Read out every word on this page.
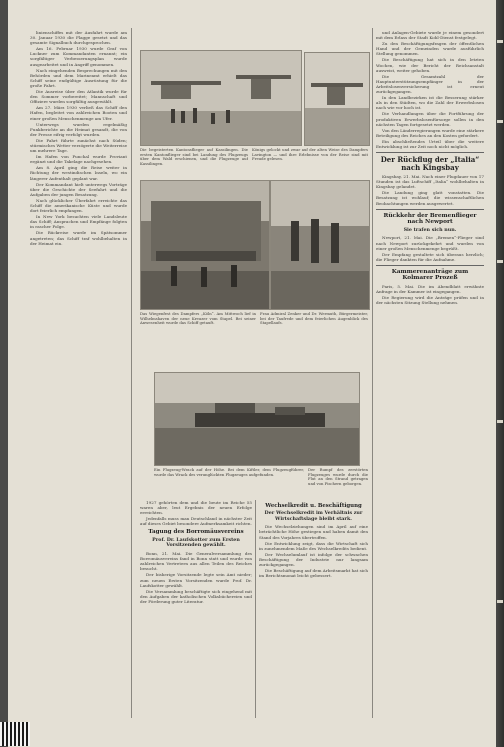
linienschiffes mit der Ausfahrt wurde am 30. Januar 1930 die Flagge gesetzt und das gesamte Signalbuch durchgesprochen.

Am 16. Februar 1930 wurde Graf von Luckner zum Kommandanten ernannt; ein sorgfältiger Verbesserungsplan wurde ausgearbeitet und in Angriff genommen.

Nach eingehenden Besprechungen mit den Behörden und dem Marineamt erhielt das Schiff seine endgültige Ausrüstung für die große Fahrt.

Die Ausreise über den Atlantik wurde für den Sommer vorbereitet; Mannschaft und Offiziere wurden sorgfältig ausgewählt.

Am 27. März 1930 verließ das Schiff den Hafen, begleitet von zahlreichen Booten und einer großen Menschenmenge am Ufer.

Unterwegs wurden regelmäßig Funkberichte an die Heimat gesandt, die von der Presse eifrig verfolgt wurden.

Die Fahrt führte zunächst nach Süden; stürmisches Wetter verzögerte die Weiterreise um mehrere Tage.

Im Hafen von Funchal wurde Proviant ergänzt und die Takelage nachgesehen.

Am 8. April ging die Reise weiter in Richtung der westindischen Inseln, wo ein längerer Aufenthalt geplant war.

Der Kommandant hielt unterwegs Vorträge über die Geschichte der Seefahrt und die Aufgaben der jungen Besatzung.

Nach glücklicher Überfahrt erreichte das Schiff die amerikanische Küste und wurde dort feierlich empfangen.

In New York besuchten viele Landsleute das Schiff; Ansprachen und Empfänge folgten in rascher Folge.

Die Rückreise wurde im Spätsommer angetreten; das Schiff traf wohlbehalten in der Heimat ein.

Die begeisterten Kantonsflieger auf Kassilingen. Die ersten Kantonflieger sind bei Landung des Flugzeugs über dem Wald erschienen, und die Flugzeuge auf Kassilingen.
Königs gelockt und zwar auf der alten Weise des Dampfers Lavington — und ihre Erlebnisse von der Reise sind mit Freude gelesen.
Das Wiegenfest des Dampfers „Köln“. Am Mittwoch lief in Wilhelmshaven der neue Kreuzer vom Stapel. Bei seiner Anwesenheit wurde das Schiff getauft.
Frau Admiral Zenker und Dr. Wermuth, Bürgermeister, bei der Taufrede und dem feierlichen Augenblick des Stapellaufs.
Ein Flugzeug-Wrack auf der Höhe. Bei dem Kiftler, dem Flugzeugführer, wurde das Wrack des verunglückten Flugzeuges aufgefunden.
Der Rumpf des zerstörten Flugzeuges wurde durch die Flut an den Strand getragen und von Fischern geborgen.

1927 gehörten dem und die beute im Reiche 55 waren aber, leut Ergebnis der neuen Erfolge erreichten.

Jedenfalls muss man Deutschland in nächster Zeit auf dieses Gebiet besondere Aufmerksamkeit richten.

Tagung des Borromäusvereins
Prof. Dr. Laufskotter zum Ersten Vorsitzenden gewählt.

Bonn, 21. Mai. Die Generalversammlung des Borromäusvereins fand in Bonn statt und wurde von zahlreichen Vertretern aus allen Teilen des Reiches besucht.

Der bisherige Vorsitzende legte sein Amt nieder; zum neuen Ersten Vorsitzenden wurde Prof. Dr. Laufskotter gewählt.

Die Versammlung beschäftigte sich eingehend mit den Aufgaben der katholischen Volksbüchereien und der Förderung guter Literatur.

Wechselkredit u. Beschäftigung
Der Wechselkredit im Verhältnis zur Wirtschaftslage bleibt stark.

Die Wechselziehungen sind im April auf eine beträchtliche Höhe gestiegen und haben damit den Stand des Vorjahres übertroffen.

Die Entwicklung zeigt, dass die Wirtschaft sich in zunehmendem Maße des Wechselkredits bedient.

Der Wechselumlauf ist infolge der schwachen Beschäftigung der Industrie nur langsam zurückgegangen.

Die Beschäftigung auf dem Arbeitsmarkt hat sich im Berichtsmonat leicht gebessert.

und Anlagen-Gebiete wurde je einem gesondert mit dem Erlass der Stadt Kohl-Dienst festgelegt.

Zu den Beschäftigungsfragen der öffentlichen Hand und der Gemeinden wurde ausführlich Stellung genommen.

Die Beschäftigung hat sich in den letzten Wochen, wie der Bericht der Reichsanstalt ausweist, weiter gehoben.

Die Gesamtzahl der Hauptunterstützungsempfänger in der Arbeitslosenversicherung ist erneut zurückgegangen.

In den Landbezirken ist die Besserung stärker als in den Städten, wo die Zahl der Erwerbslosen nach wie vor hoch ist.

Die Verhandlungen über die Fortführung der produktiven Erwerbslosenfürsorge sollen in den nächsten Tagen fortgesetzt werden.

Von den Länderregierungen wurde eine stärkere Beteiligung des Reiches an den Kosten gefordert.

Ein abschließendes Urteil über die weitere Entwicklung ist zur Zeit noch nicht möglich.

Der Rückflug der „Italia“ nach Kingsbay

Kingsbay, 21. Mai. Nach einer Flugdauer von 17 Stunden ist das Luftschiff „Italia“ wohlbehalten in Kingsbay gelandet.

Die Landung ging glatt vonstatten. Die Besatzung ist wohlauf; die wissenschaftlichen Beobachtungen werden ausgewertet.

Rückkehr der Bremenflieger nach Newport
Sie trafen sich nun.

Newport, 21. Mai. Die „Bremen“-Flieger sind nach Newport zurückgekehrt und wurden von einer großen Menschenmenge begrüßt.

Der Empfang gestaltete sich überaus herzlich; die Flieger dankten für die Aufnahme.

Kammerenanträge zum Kolmarer Prozeß

Paris, 5. Mai. Die im Abendblatt erwähnte Anfrage in der Kammer ist eingegangen.

Die Regierung wird die Anträge prüfen und in der nächsten Sitzung Stellung nehmen.
